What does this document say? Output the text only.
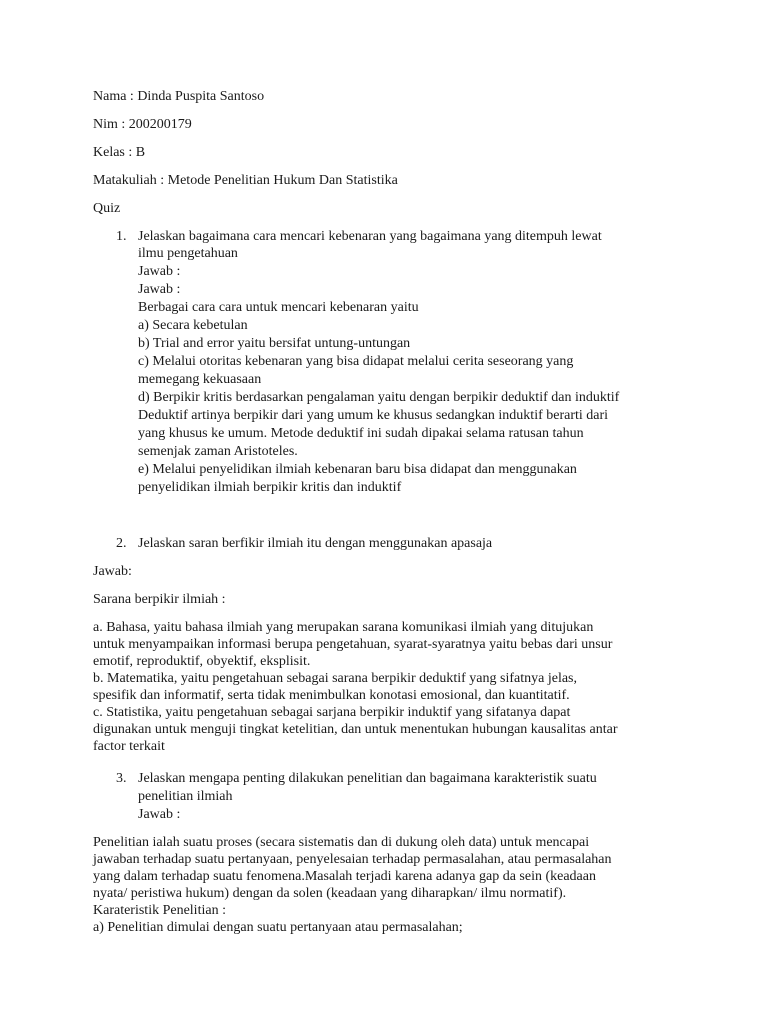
Nama : Dinda Puspita Santoso
Nim : 200200179
Kelas : B
Matakuliah : Metode Penelitian Hukum Dan Statistika
Quiz
1. Jelaskan bagaimana cara mencari kebenaran yang bagaimana yang ditempuh lewat
ilmu pengetahuan
Jawab :
Jawab :
Berbagai cara cara untuk mencari kebenaran yaitu
a) Secara kebetulan
b) Trial and error yaitu bersifat untung-untungan
c) Melalui otoritas kebenaran yang bisa didapat melalui cerita seseorang yang
memegang kekuasaan
d) Berpikir kritis berdasarkan pengalaman yaitu dengan berpikir deduktif dan induktif
Deduktif artinya berpikir dari yang umum ke khusus sedangkan induktif berarti dari
yang khusus ke umum. Metode deduktif ini sudah dipakai selama ratusan tahun
semenjak zaman Aristoteles.
e) Melalui penyelidikan ilmiah kebenaran baru bisa didapat dan menggunakan
penyelidikan ilmiah berpikir kritis dan induktif
2. Jelaskan saran berfikir ilmiah itu dengan menggunakan apasaja
Jawab:
Sarana berpikir ilmiah :
a. Bahasa, yaitu bahasa ilmiah yang merupakan sarana komunikasi ilmiah yang ditujukan
untuk menyampaikan informasi berupa pengetahuan, syarat-syaratnya yaitu bebas dari unsur
emotif, reproduktif, obyektif, eksplisit.
b. Matematika, yaitu pengetahuan sebagai sarana berpikir deduktif yang sifatnya jelas,
spesifik dan informatif, serta tidak menimbulkan konotasi emosional, dan kuantitatif.
c. Statistika, yaitu pengetahuan sebagai sarjana berpikir induktif yang sifatanya dapat
digunakan untuk menguji tingkat ketelitian, dan untuk menentukan hubungan kausalitas antar
factor terkait
3. Jelaskan mengapa penting dilakukan penelitian dan bagaimana karakteristik suatu
penelitian ilmiah
Jawab :
Penelitian ialah suatu proses (secara sistematis dan di dukung oleh data) untuk mencapai
jawaban terhadap suatu pertanyaan, penyelesaian terhadap permasalahan, atau permasalahan
yang dalam terhadap suatu fenomena.Masalah terjadi karena adanya gap da sein (keadaan
nyata/ peristiwa hukum) dengan da solen (keadaan yang diharapkan/ ilmu normatif).
Karateristik Penelitian :
a) Penelitian dimulai dengan suatu pertanyaan atau permasalahan;
